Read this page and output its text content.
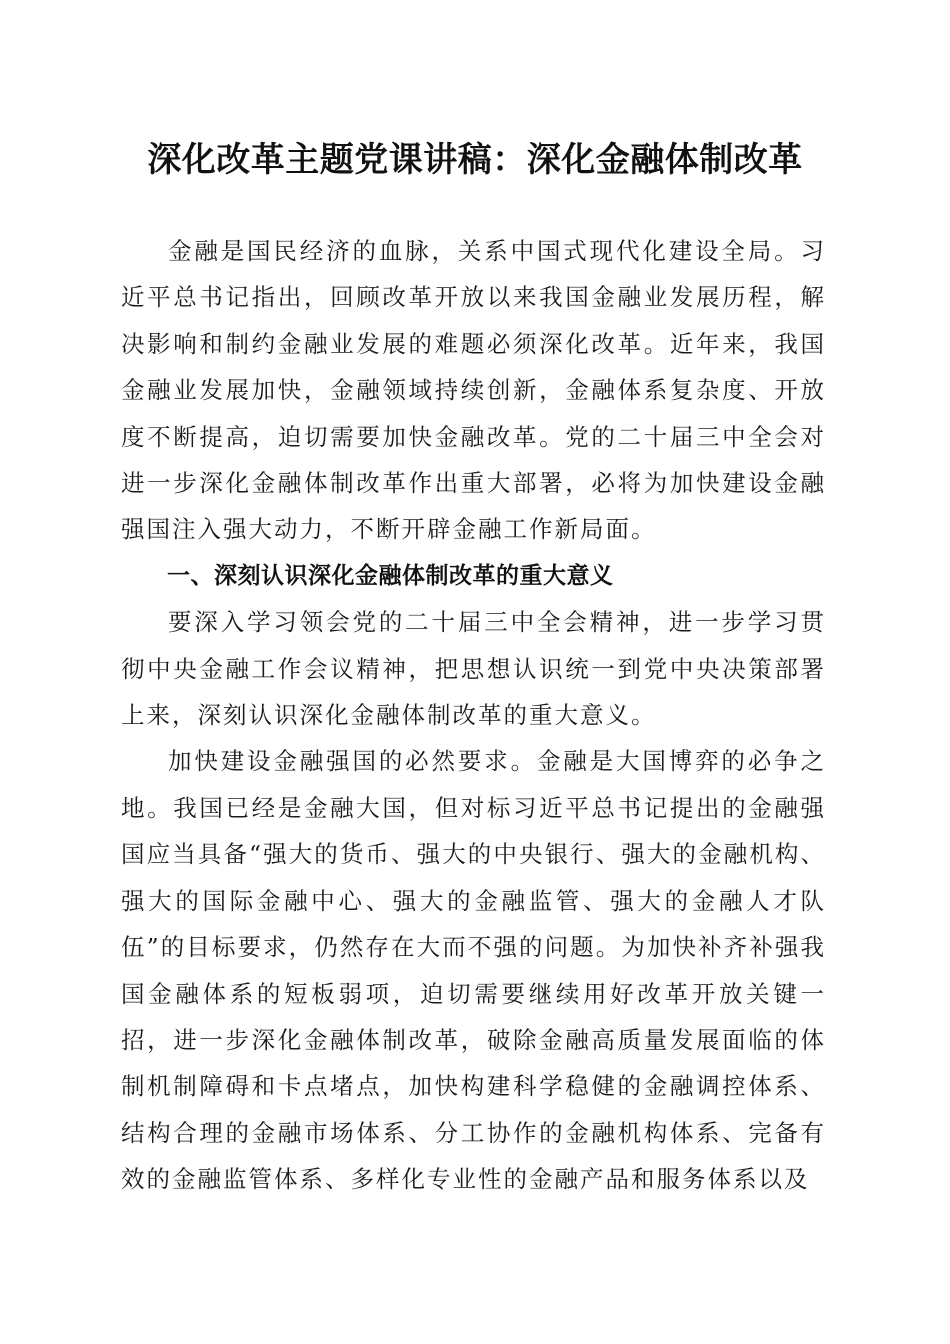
深化改革主题党课讲稿：深化金融体制改革

金融是国民经济的血脉，关系中国式现代化建设全局。习近平总书记指出，回顾改革开放以来我国金融业发展历程，解决影响和制约金融业发展的难题必须深化改革。近年来，我国金融业发展加快，金融领域持续创新，金融体系复杂度、开放度不断提高，迫切需要加快金融改革。党的二十届三中全会对进一步深化金融体制改革作出重大部署，必将为加快建设金融强国注入强大动力，不断开辟金融工作新局面。

一、深刻认识深化金融体制改革的重大意义

要深入学习领会党的二十届三中全会精神，进一步学习贯彻中央金融工作会议精神，把思想认识统一到党中央决策部署上来，深刻认识深化金融体制改革的重大意义。

加快建设金融强国的必然要求。金融是大国博弈的必争之地。我国已经是金融大国，但对标习近平总书记提出的金融强国应当具备“强大的货币、强大的中央银行、强大的金融机构、强大的国际金融中心、强大的金融监管、强大的金融人才队伍”的目标要求，仍然存在大而不强的问题。为加快补齐补强我国金融体系的短板弱项，迫切需要继续用好改革开放关键一招，进一步深化金融体制改革，破除金融高质量发展面临的体制机制障碍和卡点堵点，加快构建科学稳健的金融调控体系、结构合理的金融市场体系、分工协作的金融机构体系、完备有效的金融监管体系、多样化专业性的金融产品和服务体系以及
